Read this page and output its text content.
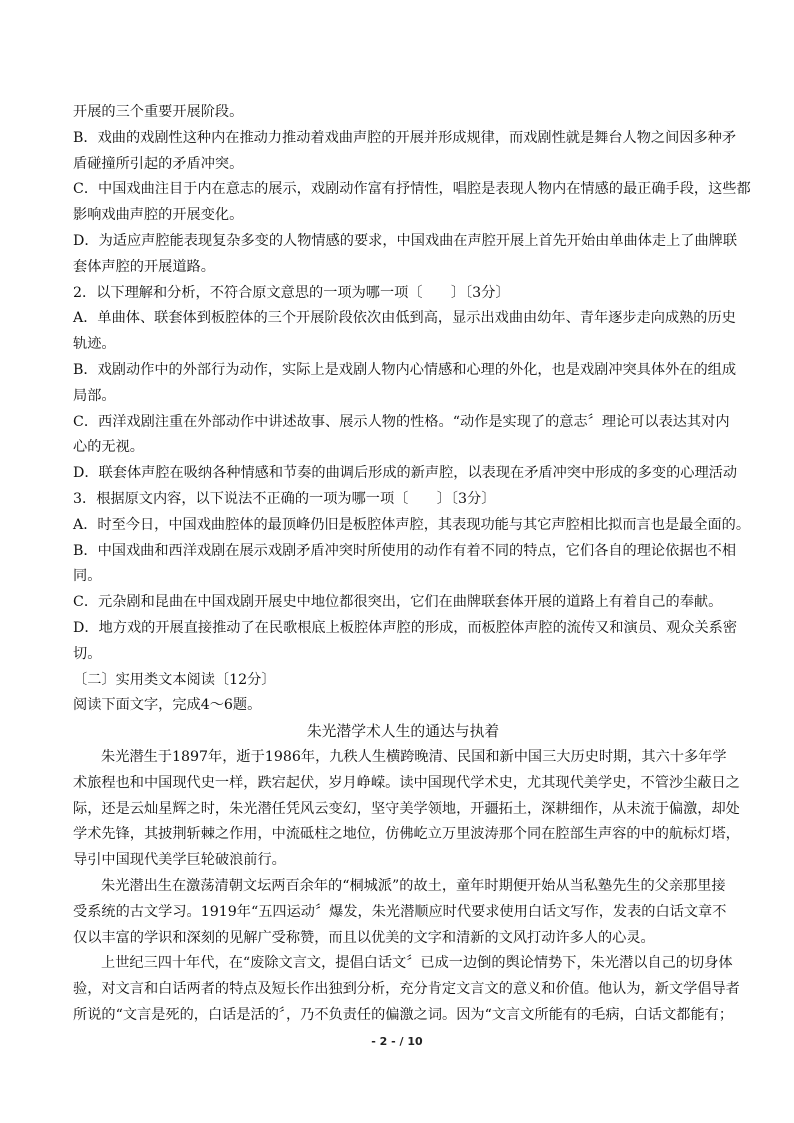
开展的三个重要开展阶段。

B．戏曲的戏剧性这种内在推动力推动着戏曲声腔的开展并形成规律，而戏剧性就是舞台人物之间因多种矛

盾碰撞所引起的矛盾冲突。

C．中国戏曲注目于内在意志的展示，戏剧动作富有抒情性，唱腔是表现人物内在情感的最正确手段，这些都

影响戏曲声腔的开展变化。

D．为适应声腔能表现复杂多变的人物情感的要求，中国戏曲在声腔开展上首先开始由单曲体走上了曲牌联

套体声腔的开展道路。

2．以下理解和分析，不符合原文意思的一项为哪一项〔　　〕〔3分〕

A．单曲体、联套体到板腔体的三个开展阶段依次由低到高，显示出戏曲由幼年、青年逐步走向成熟的历史

轨迹。

B．戏剧动作中的外部行为动作，实际上是戏剧人物内心情感和心理的外化，也是戏剧冲突具体外在的组成

局部。

C．西洋戏剧注重在外部动作中讲述故事、展示人物的性格。“动作是实现了的意志〞理论可以表达其对内

心的无视。

D．联套体声腔在吸纳各种情感和节奏的曲调后形成的新声腔，以表现在矛盾冲突中形成的多变的心理活动

3．根据原文内容，以下说法不正确的一项为哪一项〔　　〕〔3分〕

A．时至今日，中国戏曲腔体的最顶峰仍旧是板腔体声腔，其表现功能与其它声腔相比拟而言也是最全面的。

B．中国戏曲和西洋戏剧在展示戏剧矛盾冲突时所使用的动作有着不同的特点，它们各自的理论依据也不相

同。

C．元杂剧和昆曲在中国戏剧开展史中地位都很突出，它们在曲牌联套体开展的道路上有着自己的奉献。

D．地方戏的开展直接推动了在民歌根底上板腔体声腔的形成，而板腔体声腔的流传又和演员、观众关系密

切。

〔二〕实用类文本阅读〔12分〕

阅读下面文字，完成4～6题。

朱光潜学术人生的通达与执着

朱光潜生于1897年，逝于1986年，九秩人生横跨晚清、民国和新中国三大历史时期，其六十多年学

术旅程也和中国现代史一样，跌宕起伏，岁月峥嵘。读中国现代学术史，尤其现代美学史，不管沙尘蔽日之

际，还是云灿星辉之时，朱光潜任凭风云变幻，坚守美学领地，开疆拓土，深耕细作，从未流于偏激，却处

学术先锋，其披荆斩棘之作用，中流砥柱之地位，仿佛屹立万里波涛那个同在腔部生声容的中的航标灯塔，

导引中国现代美学巨轮破浪前行。

朱光潜出生在激荡清朝文坛两百余年的“桐城派”的故土，童年时期便开始从当私塾先生的父亲那里接

受系统的古文学习。1919年“五四运动〞爆发，朱光潜顺应时代要求使用白话文写作，发表的白话文章不

仅以丰富的学识和深刻的见解广受称赞，而且以优美的文字和清新的文风打动许多人的心灵。

上世纪三四十年代，在“废除文言文，提倡白话文〞已成一边倒的舆论情势下，朱光潜以自己的切身体

验，对文言和白话两者的特点及短长作出独到分析，充分肯定文言文的意义和价值。他认为，新文学倡导者

所说的“文言是死的，白话是活的〞，乃不负责任的偏激之词。因为“文言文所能有的毛病，白话文都能有；

- 2 - / 10
